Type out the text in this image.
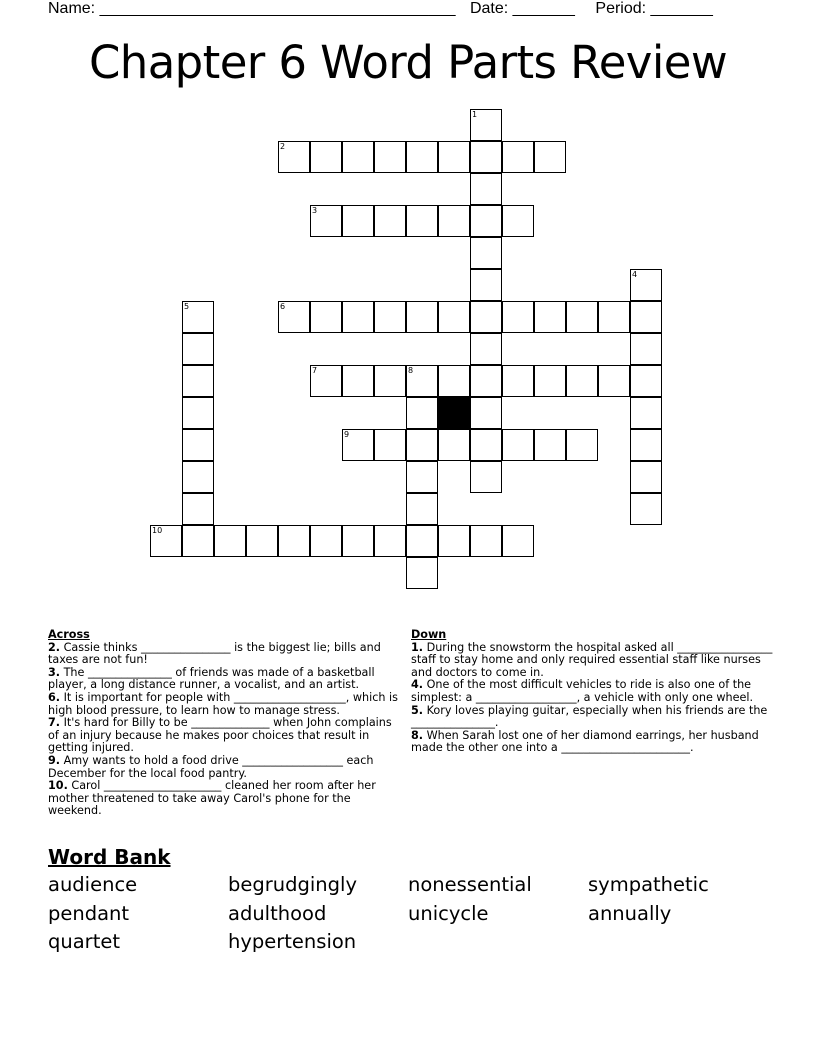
Name: ________________________________________ Date: _______ Period: _______
Chapter 6 Word Parts Review
1
2
3
4
5	6
7	8
9
10
Across
2. Cassie thinks ________________ is the biggest lie; bills and taxes are not fun!
3. The _______________ of friends was made of a basketball player, a long distance runner, a vocalist, and an artist.
6. It is important for people with ____________________, which is high blood pressure, to learn how to manage stress.
7. It's hard for Billy to be ______________ when John complains of an injury because he makes poor choices that result in getting injured.
9. Amy wants to hold a food drive __________________ each December for the local food pantry.
10. Carol _____________________ cleaned her room after her mother threatened to take away Carol's phone for the weekend.
Down
1. During the snowstorm the hospital asked all _________________ staff to stay home and only required essential staff like nurses and doctors to come in.
4. One of the most difficult vehicles to ride is also one of the simplest: a __________________, a vehicle with only one wheel.
5. Kory loves playing guitar, especially when his friends are the _______________.
8. When Sarah lost one of her diamond earrings, her husband made the other one into a _______________________.
Word Bank
audience	begrudgingly	nonessential	sympathetic
pendant	adulthood	unicycle	annually
quartet	hypertension
